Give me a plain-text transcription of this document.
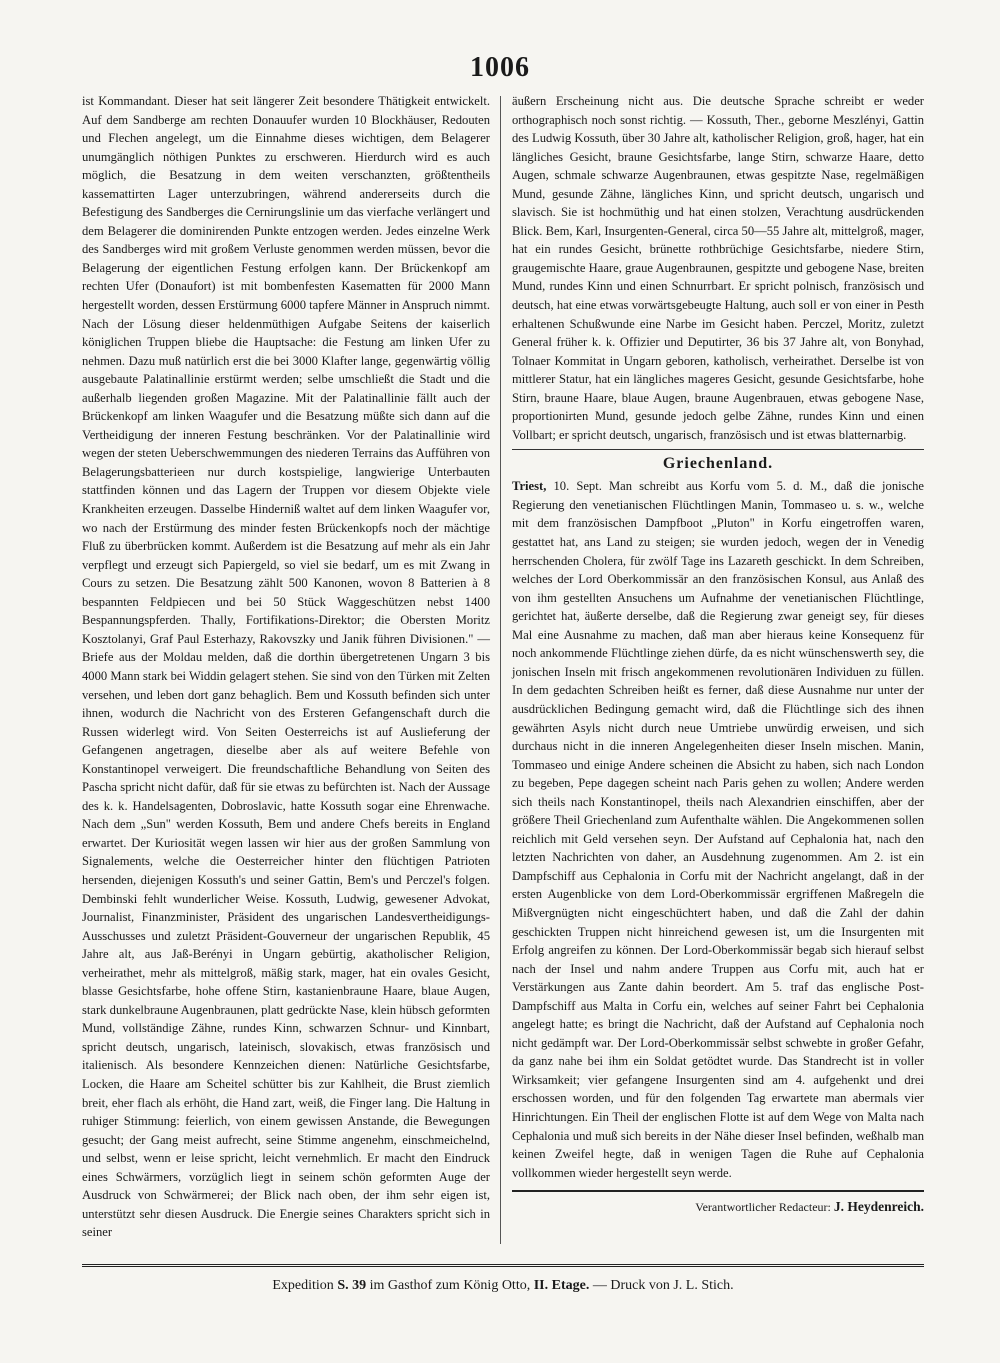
1006

ist Kommandant. Dieser hat seit längerer Zeit besondere Thätigkeit entwickelt. Auf dem Sandberge am rechten Donauufer wurden 10 Blockhäuser, Redouten und Flechen angelegt, um die Einnahme dieses wichtigen, dem Belagerer unumgänglich nöthigen Punktes zu erschweren. Hierdurch wird es auch möglich, die Besatzung in dem weiten verschanzten, größtentheils kassemattirten Lager unterzubringen, während andererseits durch die Befestigung des Sandberges die Cernirungslinie um das vierfache verlängert und dem Belagerer die dominirenden Punkte entzogen werden. Jedes einzelne Werk des Sandberges wird mit großem Verluste genommen werden müssen, bevor die Belagerung der eigentlichen Festung erfolgen kann. Der Brückenkopf am rechten Ufer (Donaufort) ist mit bombenfesten Kasematten für 2000 Mann hergestellt worden, dessen Erstürmung 6000 tapfere Männer in Anspruch nimmt. Nach der Lösung dieser heldenmüthigen Aufgabe Seitens der kaiserlich königlichen Truppen bliebe die Hauptsache: die Festung am linken Ufer zu nehmen. Dazu muß natürlich erst die bei 3000 Klafter lange, gegenwärtig völlig ausgebaute Palatinallinie erstürmt werden; selbe umschließt die Stadt und die außerhalb liegenden großen Magazine. Mit der Palatinallinie fällt auch der Brückenkopf am linken Waagufer und die Besatzung müßte sich dann auf die Vertheidigung der inneren Festung beschränken. Vor der Palatinallinie wird wegen der steten Ueberschwemmungen des niederen Terrains das Aufführen von Belagerungsbatterieen nur durch kostspielige, langwierige Unterbauten stattfinden können und das Lagern der Truppen vor diesem Objekte viele Krankheiten erzeugen. Dasselbe Hinderniß waltet auf dem linken Waagufer vor, wo nach der Erstürmung des minder festen Brückenkopfs noch der mächtige Fluß zu überbrücken kommt. Außerdem ist die Besatzung auf mehr als ein Jahr verpflegt und erzeugt sich Papiergeld, so viel sie bedarf, um es mit Zwang in Cours zu setzen. Die Besatzung zählt 500 Kanonen, wovon 8 Batterien à 8 bespannten Feldpiecen und bei 50 Stück Waggeschützen nebst 1400 Bespannungspferden. Thally, Fortifikations-Direktor; die Obersten Moritz Kosztolanyi, Graf Paul Esterhazy, Rakovszky und Janik führen Divisionen." — Briefe aus der Moldau melden, daß die dorthin übergetretenen Ungarn 3 bis 4000 Mann stark bei Widdin gelagert stehen. Sie sind von den Türken mit Zelten versehen, und leben dort ganz behaglich. Bem und Kossuth befinden sich unter ihnen, wodurch die Nachricht von des Ersteren Gefangenschaft durch die Russen widerlegt wird. Von Seiten Oesterreichs ist auf Auslieferung der Gefangenen angetragen, dieselbe aber als auf weitere Befehle von Konstantinopel verweigert. Die freundschaftliche Behandlung von Seiten des Pascha spricht nicht dafür, daß für sie etwas zu befürchten ist. Nach der Aussage des k. k. Handelsagenten, Dobroslavic, hatte Kossuth sogar eine Ehrenwache. Nach dem „Sun" werden Kossuth, Bem und andere Chefs bereits in England erwartet. Der Kuriosität wegen lassen wir hier aus der großen Sammlung von Signalements, welche die Oesterreicher hinter den flüchtigen Patrioten hersenden, diejenigen Kossuth's und seiner Gattin, Bem's und Perczel's folgen. Dembinski fehlt wunderlicher Weise. Kossuth, Ludwig, gewesener Advokat, Journalist, Finanzminister, Präsident des ungarischen Landesvertheidigungs-Ausschusses und zuletzt Präsident-Gouverneur der ungarischen Republik, 45 Jahre alt, aus Jaß-Berényi in Ungarn gebürtig, akatholischer Religion, verheirathet, mehr als mittelgroß, mäßig stark, mager, hat ein ovales Gesicht, blasse Gesichtsfarbe, hohe offene Stirn, kastanienbraune Haare, blaue Augen, stark dunkelbraune Augenbraunen, platt gedrückte Nase, klein hübsch geformten Mund, vollständige Zähne, rundes Kinn, schwarzen Schnur- und Kinnbart, spricht deutsch, ungarisch, lateinisch, slovakisch, etwas französisch und italienisch. Als besondere Kennzeichen dienen: Natürliche Gesichtsfarbe, Locken, die Haare am Scheitel schütter bis zur Kahlheit, die Brust ziemlich breit, eher flach als erhöht, die Hand zart, weiß, die Finger lang. Die Haltung in ruhiger Stimmung: feierlich, von einem gewissen Anstande, die Bewegungen gesucht; der Gang meist aufrecht, seine Stimme angenehm, einschmeichelnd, und selbst, wenn er leise spricht, leicht vernehmlich. Er macht den Eindruck eines Schwärmers, vorzüglich liegt in seinem schön geformten Auge der Ausdruck von Schwärmerei; der Blick nach oben, der ihm sehr eigen ist, unterstützt sehr diesen Ausdruck. Die Energie seines Charakters spricht sich in seiner

äußern Erscheinung nicht aus. Die deutsche Sprache schreibt er weder orthographisch noch sonst richtig. — Kossuth, Ther., geborne Meszlényi, Gattin des Ludwig Kossuth, über 30 Jahre alt, katholischer Religion, groß, hager, hat ein längliches Gesicht, braune Gesichtsfarbe, lange Stirn, schwarze Haare, detto Augen, schmale schwarze Augenbraunen, etwas gespitzte Nase, regelmäßigen Mund, gesunde Zähne, längliches Kinn, und spricht deutsch, ungarisch und slavisch. Sie ist hochmüthig und hat einen stolzen, Verachtung ausdrückenden Blick. Bem, Karl, Insurgenten-General, circa 50—55 Jahre alt, mittelgroß, mager, hat ein rundes Gesicht, brünette rothbrüchige Gesichtsfarbe, niedere Stirn, graugemischte Haare, graue Augenbraunen, gespitzte und gebogene Nase, breiten Mund, rundes Kinn und einen Schnurrbart. Er spricht polnisch, französisch und deutsch, hat eine etwas vorwärtsgebeugte Haltung, auch soll er von einer in Pesth erhaltenen Schußwunde eine Narbe im Gesicht haben. Perczel, Moritz, zuletzt General früher k. k. Offizier und Deputirter, 36 bis 37 Jahre alt, von Bonyhad, Tolnaer Kommitat in Ungarn geboren, katholisch, verheirathet. Derselbe ist von mittlerer Statur, hat ein längliches mageres Gesicht, gesunde Gesichtsfarbe, hohe Stirn, braune Haare, blaue Augen, braune Augenbrauen, etwas gebogene Nase, proportionirten Mund, gesunde jedoch gelbe Zähne, rundes Kinn und einen Vollbart; er spricht deutsch, ungarisch, französisch und ist etwas blatternarbig.

Griechenland.

Triest, 10. Sept. Man schreibt aus Korfu vom 5. d. M., daß die jonische Regierung den venetianischen Flüchtlingen Manin, Tommaseo u. s. w., welche mit dem französischen Dampfboot „Pluton" in Korfu eingetroffen waren, gestattet hat, ans Land zu steigen; sie wurden jedoch, wegen der in Venedig herrschenden Cholera, für zwölf Tage ins Lazareth geschickt. In dem Schreiben, welches der Lord Oberkommissär an den französischen Konsul, aus Anlaß des von ihm gestellten Ansuchens um Aufnahme der venetianischen Flüchtlinge, gerichtet hat, äußerte derselbe, daß die Regierung zwar geneigt sey, für dieses Mal eine Ausnahme zu machen, daß man aber hieraus keine Konsequenz für noch ankommende Flüchtlinge ziehen dürfe, da es nicht wünschenswerth sey, die jonischen Inseln mit frisch angekommenen revolutionären Individuen zu füllen. In dem gedachten Schreiben heißt es ferner, daß diese Ausnahme nur unter der ausdrücklichen Bedingung gemacht wird, daß die Flüchtlinge sich des ihnen gewährten Asyls nicht durch neue Umtriebe unwürdig erweisen, und sich durchaus nicht in die inneren Angelegenheiten dieser Inseln mischen. Manin, Tommaseo und einige Andere scheinen die Absicht zu haben, sich nach London zu begeben, Pepe dagegen scheint nach Paris gehen zu wollen; Andere werden sich theils nach Konstantinopel, theils nach Alexandrien einschiffen, aber der größere Theil Griechenland zum Aufenthalte wählen. Die Angekommenen sollen reichlich mit Geld versehen seyn. Der Aufstand auf Cephalonia hat, nach den letzten Nachrichten von daher, an Ausdehnung zugenommen. Am 2. ist ein Dampfschiff aus Cephalonia in Corfu mit der Nachricht angelangt, daß in der ersten Augenblicke von dem Lord-Oberkommissär ergriffenen Maßregeln die Mißvergnügten nicht eingeschüchtert haben, und daß die Zahl der dahin geschickten Truppen nicht hinreichend gewesen ist, um die Insurgenten mit Erfolg angreifen zu können. Der Lord-Oberkommissär begab sich hierauf selbst nach der Insel und nahm andere Truppen aus Corfu mit, auch hat er Verstärkungen aus Zante dahin beordert. Am 5. traf das englische Post-Dampfschiff aus Malta in Corfu ein, welches auf seiner Fahrt bei Cephalonia angelegt hatte; es bringt die Nachricht, daß der Aufstand auf Cephalonia noch nicht gedämpft war. Der Lord-Oberkommissär selbst schwebte in großer Gefahr, da ganz nahe bei ihm ein Soldat getödtet wurde. Das Standrecht ist in voller Wirksamkeit; vier gefangene Insurgenten sind am 4. aufgehenkt und drei erschossen worden, und für den folgenden Tag erwartete man abermals vier Hinrichtungen. Ein Theil der englischen Flotte ist auf dem Wege von Malta nach Cephalonia und muß sich bereits in der Nähe dieser Insel befinden, weßhalb man keinen Zweifel hegte, daß in wenigen Tagen die Ruhe auf Cephalonia vollkommen wieder hergestellt seyn werde.

Verantwortlicher Redacteur: J. Heydenreich.
Expedition S. 39 im Gasthof zum König Otto, II. Etage. — Druck von J. L. Stich.
